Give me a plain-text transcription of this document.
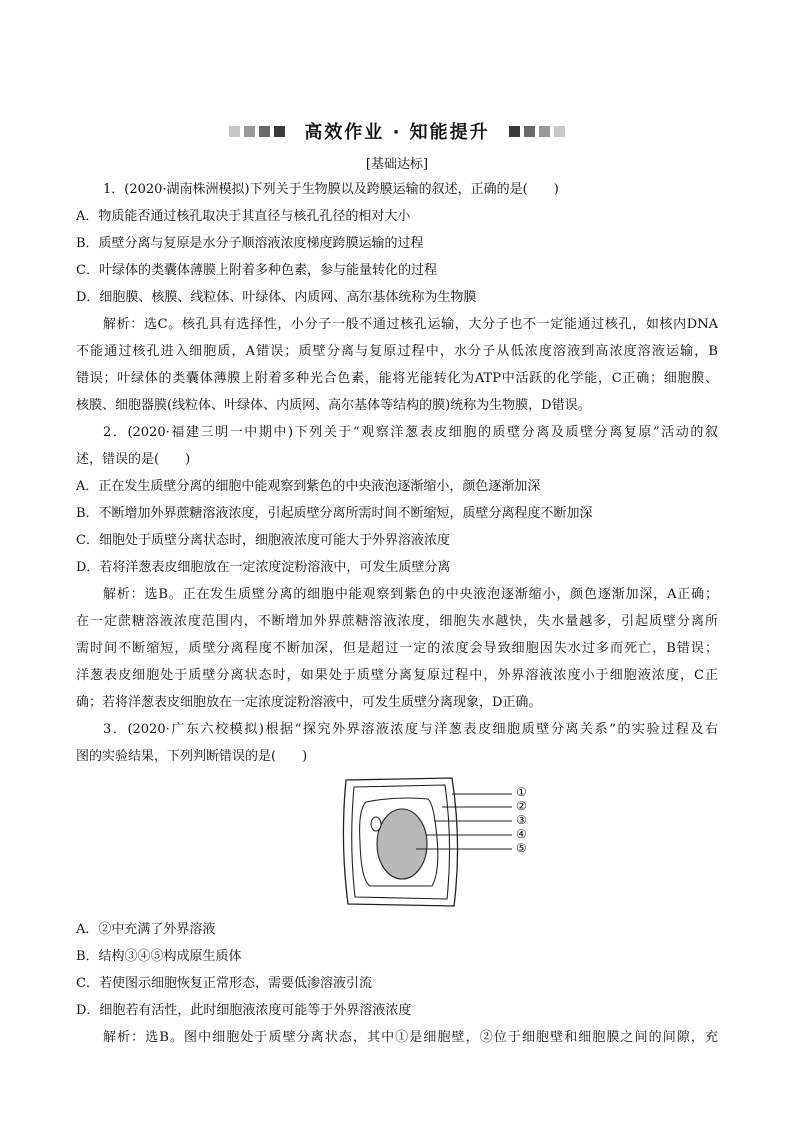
高效作业 · 知能提升
[基础达标]
1．(2020·湖南株洲模拟)下列关于生物膜以及跨膜运输的叙述，正确的是(　　)
A．物质能否通过核孔取决于其直径与核孔孔径的相对大小
B．质壁分离与复原是水分子顺溶液浓度梯度跨膜运输的过程
C．叶绿体的类囊体薄膜上附着多种色素，参与能量转化的过程
D．细胞膜、核膜、线粒体、叶绿体、内质网、高尔基体统称为生物膜
解析：选C。核孔具有选择性，小分子一般不通过核孔运输，大分子也不一定能通过核孔，如核内DNA
不能通过核孔进入细胞质，A错误；质壁分离与复原过程中，水分子从低浓度溶液到高浓度溶液运输，B
错误；叶绿体的类囊体薄膜上附着多种光合色素，能将光能转化为ATP中活跃的化学能，C正确；细胞膜、
核膜、细胞器膜(线粒体、叶绿体、内质网、高尔基体等结构的膜)统称为生物膜，D错误。
2．(2020·福建三明一中期中)下列关于“观察洋葱表皮细胞的质壁分离及质壁分离复原”活动的叙
述，错误的是(　　)
A．正在发生质壁分离的细胞中能观察到紫色的中央液泡逐渐缩小，颜色逐渐加深
B．不断增加外界蔗糖溶液浓度，引起质壁分离所需时间不断缩短，质壁分离程度不断加深
C．细胞处于质壁分离状态时，细胞液浓度可能大于外界溶液浓度
D．若将洋葱表皮细胞放在一定浓度淀粉溶液中，可发生质壁分离
解析：选B。正在发生质壁分离的细胞中能观察到紫色的中央液泡逐渐缩小，颜色逐渐加深，A正确；
在一定蔗糖溶液浓度范围内，不断增加外界蔗糖溶液浓度，细胞失水越快，失水量越多，引起质壁分离所
需时间不断缩短，质壁分离程度不断加深，但是超过一定的浓度会导致细胞因失水过多而死亡，B错误；
洋葱表皮细胞处于质壁分离状态时，如果处于质壁分离复原过程中，外界溶液浓度小于细胞液浓度，C正
确；若将洋葱表皮细胞放在一定浓度淀粉溶液中，可发生质壁分离现象，D正确。
3．(2020·广东六校模拟)根据“探究外界溶液浓度与洋葱表皮细胞质壁分离关系”的实验过程及右
图的实验结果，下列判断错误的是(　　)
①
②
③
④
⑤
A．②中充满了外界溶液
B．结构③④⑤构成原生质体
C．若使图示细胞恢复正常形态，需要低渗溶液引流
D．细胞若有活性，此时细胞液浓度可能等于外界溶液浓度
解析：选B。图中细胞处于质壁分离状态，其中①是细胞壁，②位于细胞壁和细胞膜之间的间隙，充
